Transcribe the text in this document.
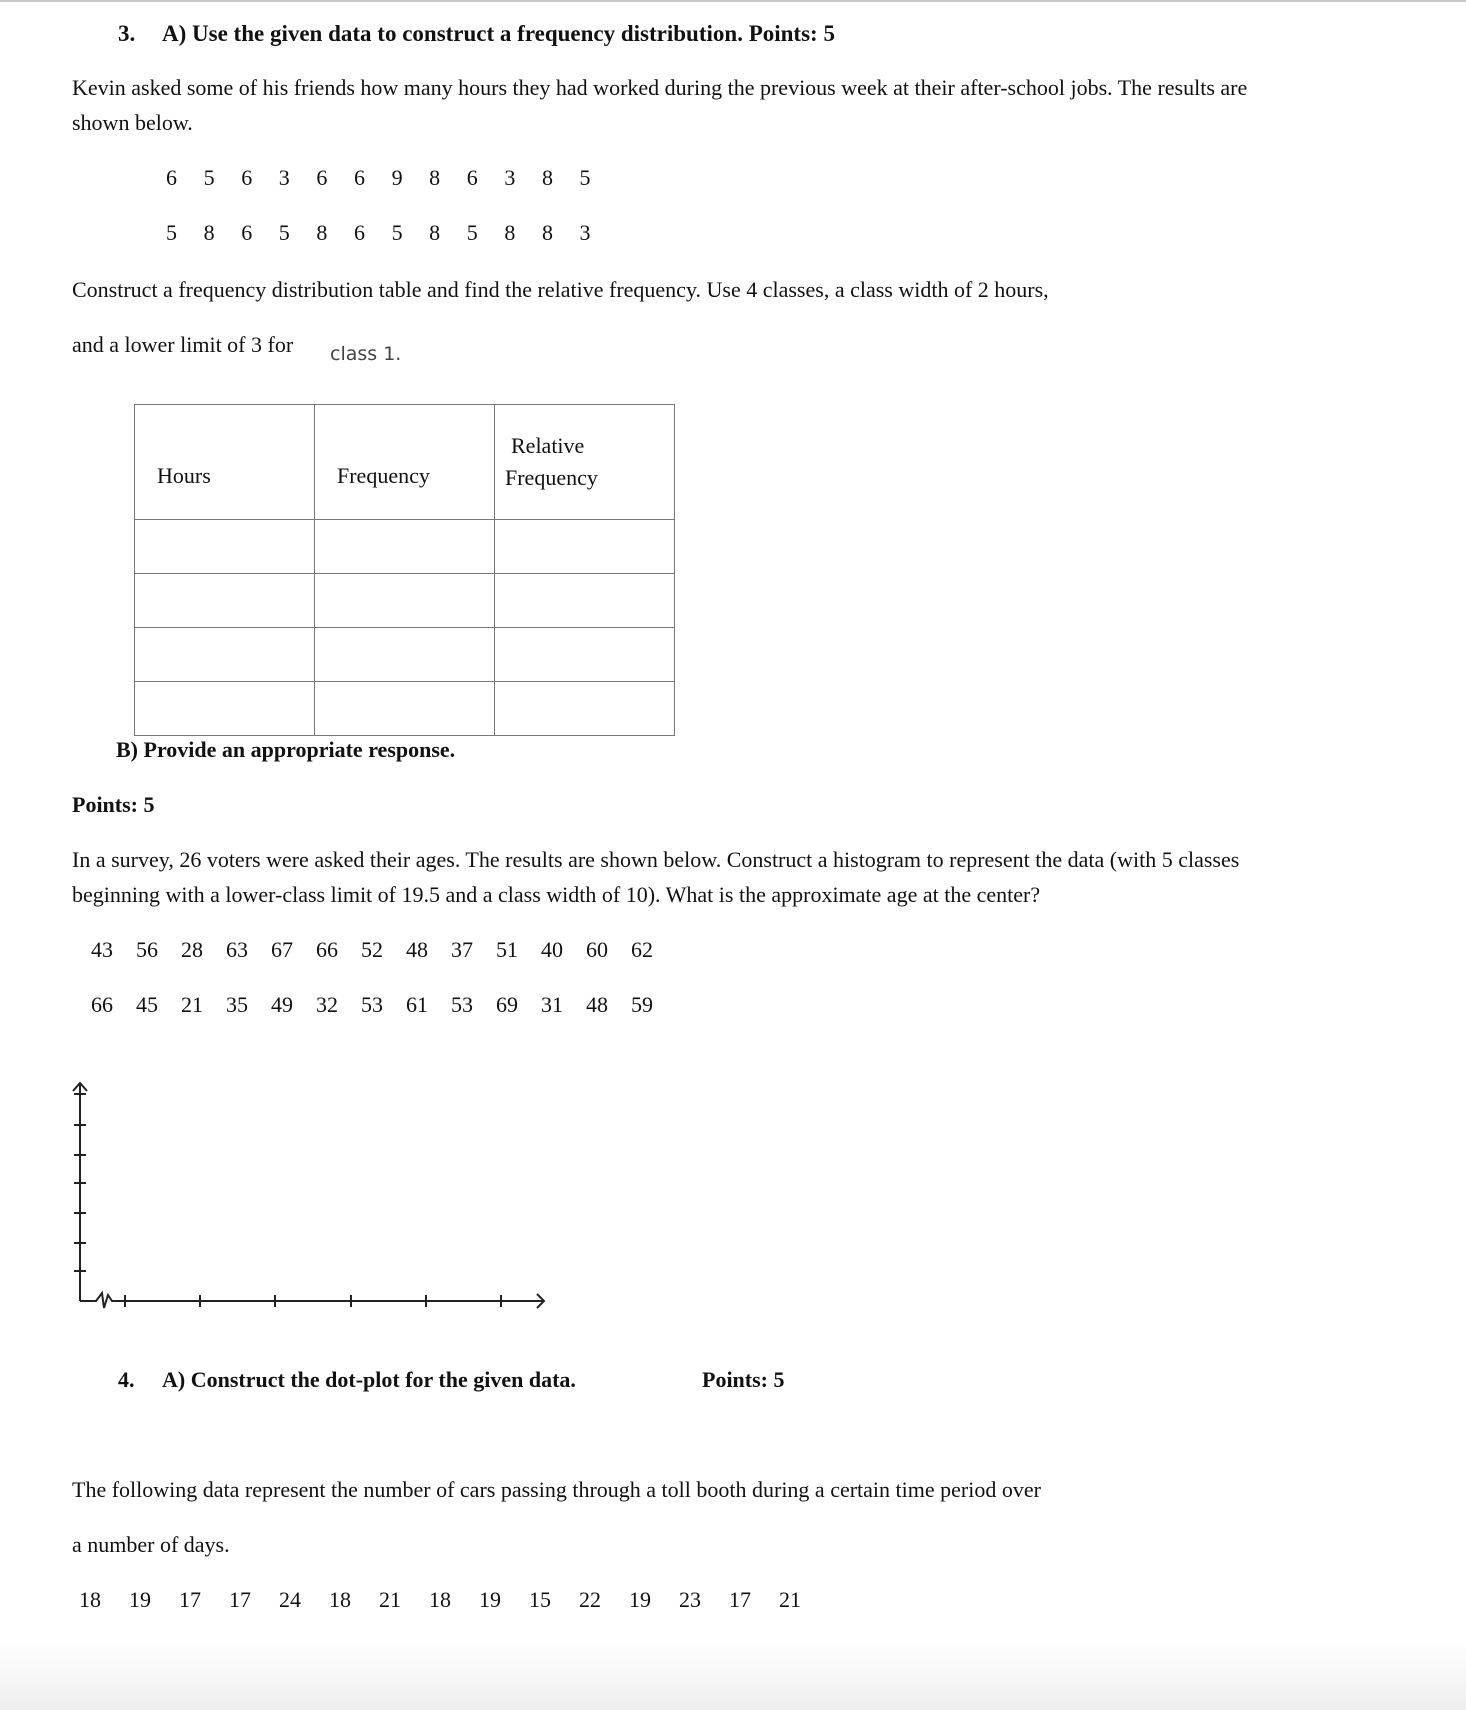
3. A) Use the given data to construct a frequency distribution. Points: 5
Kevin asked some of his friends how many hours they had worked during the previous week at their after-school jobs. The results are
shown below.
6 5 6 3 6 6 9 8 6 3 8 5
5 8 6 5 8 6 5 8 5 8 8 3
Construct a frequency distribution table and find the relative frequency. Use 4 classes, a class width of 2 hours,
and a lower limit of 3 for class 1.
Hours	Frequency	Relative
Frequency

B) Provide an appropriate response.
Points: 5
In a survey, 26 voters were asked their ages. The results are shown below. Construct a histogram to represent the data (with 5 classes
beginning with a lower-class limit of 19.5 and a class width of 10). What is the approximate age at the center?
43 56 28 63 67 66 52 48 37 51 40 60 62
66 45 21 35 49 32 53 61 53 69 31 48 59
4. A) Construct the dot-plot for the given data.	Points: 5
The following data represent the number of cars passing through a toll booth during a certain time period over
a number of days.
18 19 17 17 24 18 21 18 19 15 22 19 23 17 21
